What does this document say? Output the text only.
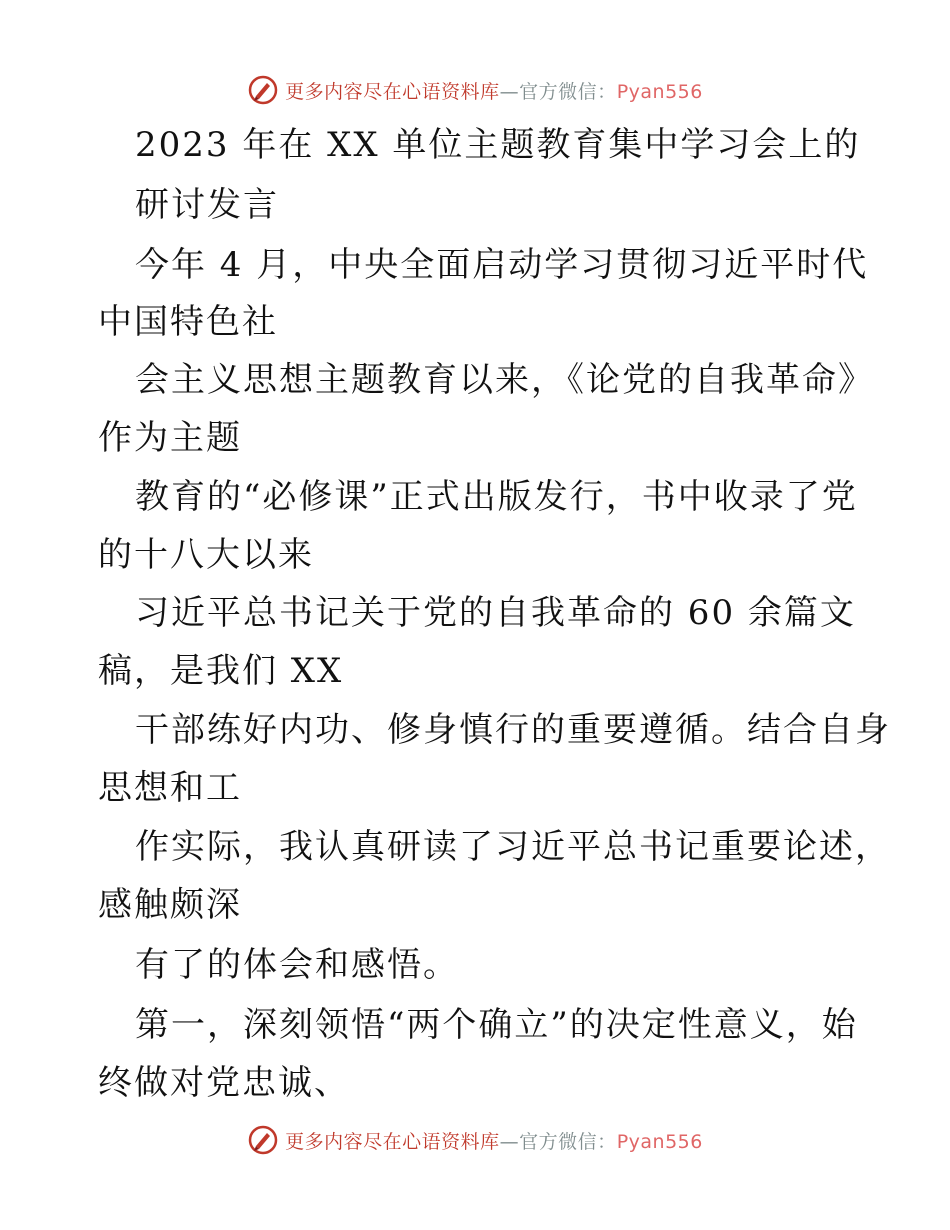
更多内容尽在心语资料库—官方微信：Pyan556
2023 年在 XX 单位主题教育集中学习会上的
研讨发言
今年 4 月，中央全面启动学习贯彻习近平时代
中国特色社
会主义思想主题教育以来，《论党的自我革命》
作为主题
教育的“必修课”正式出版发行，书中收录了党
的十八大以来
习近平总书记关于党的自我革命的 60 余篇文
稿，是我们 XX
干部练好内功、修身慎行的重要遵循。结合自身
思想和工
作实际，我认真研读了习近平总书记重要论述，
感触颇深
有了的体会和感悟。
第一，深刻领悟“两个确立”的决定性意义，始
终做对党忠诚、
更多内容尽在心语资料库—官方微信：Pyan556
